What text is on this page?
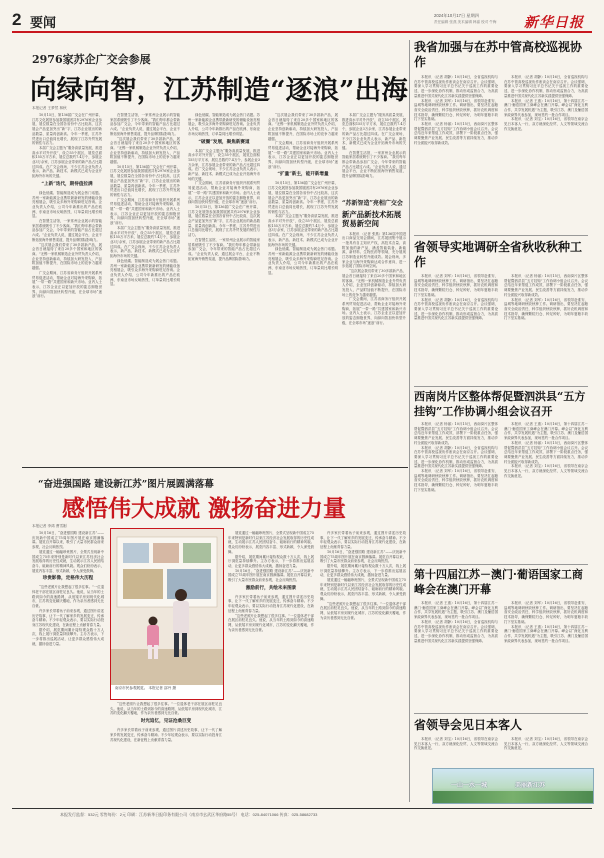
2 要闻
2024年10月17日 星期四
责任编辑 张燕 美术编辑 韩嘉 校对 牛梅 新华日报
2976家苏企广交会参展
向绿向智，江苏制造“逐浪”出海
本报记者 王梦然 林秋

10月15日，第136届广交会在广州开幕，江苏文化展馆参加我国展团共有2976家企业参展，展位数量在全国各省份中占比较高，这次展会产品更加突出“新”字，江苏企业展出的新品数量、质量再创新高。今年一季度，江苏外贸进出口总值同比增长，展现了江苏外贸发展的韧性与活力。

本届广交会主题为“服务高质量发展，推进高水平对外开放”，设立55个展区，展览总面积155万平方米，展位总数约7.4万个，参展企业3万余家，江苏参展企业带来的新产品占比超过四成。在广交会现场，不少江苏企业负责人表示，新产品、新技术、新模式已成为企业开拓海外市场的关键。

“上新”迭代，期待值拉满

绿色低碳、智能制造成为展会热门话题。苏州一家新能源企业携带最新研发的储能设备亮相展会，吸引众多海外采购商驻足咨询。企业负责人介绍，公司今年新推出的产品在欧洲、东南亚市场反响热烈，订单量同比增长明显。

在智慧生活馆，一家常州企业展示的智能家居系统吸引了不少客商。“我们每年都会带新品参加广交会，今年带来的智能产品占比超过六成。”企业负责人说，通过展会平台，企业不断拓宽海外销售渠道，提升品牌国际影响力。

“这次展会我们带来了30多款新产品，展会首日就接待了来自20多个国家和地区的客商。”无锡一家机械制造企业外贸负责人介绍，企业坚持创新驱动，持续加大研发投入，产品附加值不断提升，在国际市场上的竞争力越来越强。

广交会期间，江苏省商务厅组织开展系列贸易促进活动，帮助企业对接海外采购商，拓展“一带一路”共建国家和新兴市场。业内人士表示，江苏企业正以更加开放的姿态拥抱世界，向绿向智加快转型升级，在全球市场“逐浪”前行。

在智慧生活馆，一家常州企业展示的智能家居系统吸引了不少客商。“我们每年都会带新品参加广交会，今年带来的智能产品占比超过六成。”企业负责人说，通过展会平台，企业不断拓宽海外销售渠道，提升品牌国际影响力。

“这次展会我们带来了30多款新产品，展会首日就接待了来自20多个国家和地区的客商。”无锡一家机械制造企业外贸负责人介绍，企业坚持创新驱动，持续加大研发投入，产品附加值不断提升，在国际市场上的竞争力越来越强。

10月15日，第136届广交会在广州开幕，江苏文化展馆参加我国展团共有2976家企业参展，展位数量在全国各省份中占比较高，这次展会产品更加突出“新”字，江苏企业展出的新品数量、质量再创新高。今年一季度，江苏外贸进出口总值同比增长，展现了江苏外贸发展的韧性与活力。

广交会期间，江苏省商务厅组织开展系列贸易促进活动，帮助企业对接海外采购商，拓展“一带一路”共建国家和新兴市场。业内人士表示，江苏企业正以更加开放的姿态拥抱世界，向绿向智加快转型升级，在全球市场“逐浪”前行。

本届广交会主题为“服务高质量发展，推进高水平对外开放”，设立55个展区，展览总面积155万平方米，展位总数约7.4万个，参展企业3万余家，江苏参展企业带来的新产品占比超过四成。在广交会现场，不少江苏企业负责人表示，新产品、新技术、新模式已成为企业开拓海外市场的关键。

绿色低碳、智能制造成为展会热门话题。苏州一家新能源企业携带最新研发的储能设备亮相展会，吸引众多海外采购商驻足咨询。企业负责人介绍，公司今年新推出的产品在欧洲、东南亚市场反响热烈，订单量同比增长明显。

绿色低碳、智能制造成为展会热门话题。苏州一家新能源企业携带最新研发的储能设备亮相展会，吸引众多海外采购商驻足咨询。企业负责人介绍，公司今年新推出的产品在欧洲、东南亚市场反响热烈，订单量同比增长明显。

“破圈”发展，聚焦新赛道

本届广交会主题为“服务高质量发展，推进高水平对外开放”，设立55个展区，展览总面积155万平方米，展位总数约7.4万个，参展企业3万余家，江苏参展企业带来的新产品占比超过四成。在广交会现场，不少江苏企业负责人表示，新产品、新技术、新模式已成为企业开拓海外市场的关键。

广交会期间，江苏省商务厅组织开展系列贸易促进活动，帮助企业对接海外采购商，拓展“一带一路”共建国家和新兴市场。业内人士表示，江苏企业正以更加开放的姿态拥抱世界，向绿向智加快转型升级，在全球市场“逐浪”前行。

10月15日，第136届广交会在广州开幕，江苏文化展馆参加我国展团共有2976家企业参展，展位数量在全国各省份中占比较高，这次展会产品更加突出“新”字，江苏企业展出的新品数量、质量再创新高。今年一季度，江苏外贸进出口总值同比增长，展现了江苏外贸发展的韧性与活力。

在智慧生活馆，一家常州企业展示的智能家居系统吸引了不少客商。“我们每年都会带新品参加广交会，今年带来的智能产品占比超过六成。”企业负责人说，通过展会平台，企业不断拓宽海外销售渠道，提升品牌国际影响力。

“这次展会我们带来了30多款新产品，展会首日就接待了来自20多个国家和地区的客商。”无锡一家机械制造企业外贸负责人介绍，企业坚持创新驱动，持续加大研发投入，产品附加值不断提升，在国际市场上的竞争力越来越强。

广交会期间，江苏省商务厅组织开展系列贸易促进活动，帮助企业对接海外采购商，拓展“一带一路”共建国家和新兴市场。业内人士表示，江苏企业正以更加开放的姿态拥抱世界，向绿向智加快转型升级，在全球市场“逐浪”前行。

“扩量”新主，能开新增量

10月15日，第136届广交会在广州开幕，江苏文化展馆参加我国展团共有2976家企业参展，展位数量在全国各省份中占比较高，这次展会产品更加突出“新”字，江苏企业展出的新品数量、质量再创新高。今年一季度，江苏外贸进出口总值同比增长，展现了江苏外贸发展的韧性与活力。

本届广交会主题为“服务高质量发展，推进高水平对外开放”，设立55个展区，展览总面积155万平方米，展位总数约7.4万个，参展企业3万余家，江苏参展企业带来的新产品占比超过四成。在广交会现场，不少江苏企业负责人表示，新产品、新技术、新模式已成为企业开拓海外市场的关键。

绿色低碳、智能制造成为展会热门话题。苏州一家新能源企业携带最新研发的储能设备亮相展会，吸引众多海外采购商驻足咨询。企业负责人介绍，公司今年新推出的产品在欧洲、东南亚市场反响热烈，订单量同比增长明显。

“苏新智造”亮相广交会
新产品新技术拓展贸易新空间

本报讯 （记者 张燕）第136届中国进出口商品交易会期间，江苏展团集中展示一批具有自主知识产权、高技术含量、高附加值的新产品，涵盖智能装备、新能源、新材料、生物医药等领域，充分展现江苏制造业转型升级成效。展会现场，多家企业与海外采购商达成合作意向，进一步拓展了国际市场空间。

“这次展会我们带来了30多款新产品，展会首日就接待了来自20多个国家和地区的客商。”无锡一家机械制造企业外贸负责人介绍，企业坚持创新驱动，持续加大研发投入，产品附加值不断提升，在国际市场上的竞争力越来越强。

广交会期间，江苏省商务厅组织开展系列贸易促进活动，帮助企业对接海外采购商，拓展“一带一路”共建国家和新兴市场。业内人士表示，江苏企业正以更加开放的姿态拥抱世界，向绿向智加快转型升级，在全球市场“逐浪”前行。

本届广交会主题为“服务高质量发展，推进高水平对外开放”，设立55个展区，展览总面积155万平方米，展位总数约7.4万个，参展企业3万余家，江苏参展企业带来的新产品占比超过四成。在广交会现场，不少江苏企业负责人表示，新产品、新技术、新模式已成为企业开拓海外市场的关键。

在智慧生活馆，一家常州企业展示的智能家居系统吸引了不少客商。“我们每年都会带新品参加广交会，今年带来的智能产品占比超过六成。”企业负责人说，通过展会平台，企业不断拓宽海外销售渠道，提升品牌国际影响力。

我省加强与在苏中管高校巡视协作

本报讯 （记者 胡静）10月16日，全省巡视机构与在苏中管高校巡视协作座谈会在南京召开。会议强调，要深入学习贯彻习近平总书记关于巡视工作的重要论述，进一步深化协作机制，推动形成监督合力，为高质量推进中国式现代化江苏新实践提供坚强保障。

本报讯 （记者 刘军）10月16日，省领导赴淮安、盐城等地调研秋收秋种工作。调研指出，要坚决扛起粮食安全政治责任，科学组织秋收秋种，抓好农机调度和技术指导，确保颗粒归仓、种足种好，为明年夏粮丰收打下坚实基础。

本报讯 （记者 杨丽）10月15日，西南岗片区整体帮促暨泗洪县“五方挂钩”工作协调小组会议召开。会议总结近年来帮促工作成效，部署下一阶段重点任务，强调要聚焦产业发展、民生改善等方面持续发力，推动乡村全面振兴取得新成效。

本报讯 （记者 胡静）10月16日，全省巡视机构与在苏中管高校巡视协作座谈会在南京召开。会议强调，要深入学习贯彻习近平总书记关于巡视工作的重要论述，进一步深化协作机制，推动形成监督合力，为高质量推进中国式现代化江苏新实践提供坚强保障。

本报讯 （记者 王惠）10月16日，第十四届江苏－澳门·葡语国家工商峰会在澳门开幕。峰会以“深化互利合作，共享发展机遇”为主题，吸引江苏、澳门及葡语国家政商界代表参加，现场签约一批合作项目。

本报讯 （记者 刘宝）10月16日，省领导在南京会见日本客人一行，双方就深化经贸、人文等领域交流合作交换意见。

省领导实地调研全省秋收秋种工作

本报讯 （记者 刘军）10月16日，省领导赴淮安、盐城等地调研秋收秋种工作。调研指出，要坚决扛起粮食安全政治责任，科学组织秋收秋种，抓好农机调度和技术指导，确保颗粒归仓、种足种好，为明年夏粮丰收打下坚实基础。

本报讯 （记者 胡静）10月16日，全省巡视机构与在苏中管高校巡视协作座谈会在南京召开。会议强调，要深入学习贯彻习近平总书记关于巡视工作的重要论述，进一步深化协作机制，推动形成监督合力，为高质量推进中国式现代化江苏新实践提供坚强保障。

本报讯 （记者 杨丽）10月15日，西南岗片区整体帮促暨泗洪县“五方挂钩”工作协调小组会议召开。会议总结近年来帮促工作成效，部署下一阶段重点任务，强调要聚焦产业发展、民生改善等方面持续发力，推动乡村全面振兴取得新成效。

本报讯 （记者 刘军）10月16日，省领导赴淮安、盐城等地调研秋收秋种工作。调研指出，要坚决扛起粮食安全政治责任，科学组织秋收秋种，抓好农机调度和技术指导，确保颗粒归仓、种足种好，为明年夏粮丰收打下坚实基础。

西南岗片区整体帮促暨泗洪县“五方挂钩”工作协调小组会议召开

本报讯 （记者 杨丽）10月15日，西南岗片区整体帮促暨泗洪县“五方挂钩”工作协调小组会议召开。会议总结近年来帮促工作成效，部署下一阶段重点任务，强调要聚焦产业发展、民生改善等方面持续发力，推动乡村全面振兴取得新成效。

本报讯 （记者 胡静）10月16日，全省巡视机构与在苏中管高校巡视协作座谈会在南京召开。会议强调，要深入学习贯彻习近平总书记关于巡视工作的重要论述，进一步深化协作机制，推动形成监督合力，为高质量推进中国式现代化江苏新实践提供坚强保障。

本报讯 （记者 刘军）10月16日，省领导赴淮安、盐城等地调研秋收秋种工作。调研指出，要坚决扛起粮食安全政治责任，科学组织秋收秋种，抓好农机调度和技术指导，确保颗粒归仓、种足种好，为明年夏粮丰收打下坚实基础。

本报讯 （记者 王惠）10月16日，第十四届江苏－澳门·葡语国家工商峰会在澳门开幕。峰会以“深化互利合作，共享发展机遇”为主题，吸引江苏、澳门及葡语国家政商界代表参加，现场签约一批合作项目。

本报讯 （记者 杨丽）10月15日，西南岗片区整体帮促暨泗洪县“五方挂钩”工作协调小组会议召开。会议总结近年来帮促工作成效，部署下一阶段重点任务，强调要聚焦产业发展、民生改善等方面持续发力，推动乡村全面振兴取得新成效。

本报讯 （记者 刘宝）10月16日，省领导在南京会见日本客人一行，双方就深化经贸、人文等领域交流合作交换意见。

第十四届江苏－澳门·葡语国家工商峰会在澳门开幕

本报讯 （记者 王惠）10月16日，第十四届江苏－澳门·葡语国家工商峰会在澳门开幕。峰会以“深化互利合作，共享发展机遇”为主题，吸引江苏、澳门及葡语国家政商界代表参加，现场签约一批合作项目。

本报讯 （记者 胡静）10月16日，全省巡视机构与在苏中管高校巡视协作座谈会在南京召开。会议强调，要深入学习贯彻习近平总书记关于巡视工作的重要论述，进一步深化协作机制，推动形成监督合力，为高质量推进中国式现代化江苏新实践提供坚强保障。

本报讯 （记者 刘军）10月16日，省领导赴淮安、盐城等地调研秋收秋种工作。调研指出，要坚决扛起粮食安全政治责任，科学组织秋收秋种，抓好农机调度和技术指导，确保颗粒归仓、种足种好，为明年夏粮丰收打下坚实基础。

本报讯 （记者 王惠）10月16日，第十四届江苏－澳门·葡语国家工商峰会在澳门开幕。峰会以“深化互利合作，共享发展机遇”为主题，吸引江苏、澳门及葡语国家政商界代表参加，现场签约一批合作项目。

省领导会见日本客人

本报讯 （记者 刘宝）10月16日，省领导在南京会见日本客人一行，双方就深化经贸、人文等领域交流合作交换意见。

本报讯 （记者 刘宝）10月16日，省领导在南京会见日本客人一行，双方就深化经贸、人文等领域交流合作交换意见。

一山一水一城	美丽新江苏
“奋进强国路 建设新江苏”图片展圆满落幕
感悟伟大成就 激扬奋进力量
本报记者 李鸿 曹雪刚

10月16日，“奋进强国路 建设新江苏”——庆祝新中国成立75周年图片展在南京圆满落幕。展览自开幕以来，吸引了大量市民群众前来参观，社会反响热烈。

展览通过一幅幅珍贵图片，全景式呈现新中国成立75年来特别是新时代以来江苏经济社会发展取得的历史性成就，生动展示江苏人民团结奋斗、砥砺前行的精神风貌。观众们纷纷表示，展览内容丰富、形式新颖，令人深受鼓舞。

珍贵影像，定格伟大历程

“这些老照片让我想起了很多往事。”一位退休老干部在展区前驻足良久。他说，从当年的土路到如今的高速路网，从低矮平房到现代化城市，江苏的变化翻天覆地，作为亲历者感到无比自豪。

许多家长带着孩子前来参观，通过图片讲述历史故事，让下一代了解家乡的发展变迁，传承奋斗精神。不少年轻观众表示，要以实际行动投身江苏现代化建设，在新征程上贡献青春力量。

据介绍，展览期间累计接待观众数十万人次，线上展厅浏览量持续攀升。主办方表示，下一步将推出巡展活动，让更多群众感悟伟大成就，激扬奋进力量。

南京市民参观展览。 本报记者 邵丹 摄

“这些老照片让我想起了很多往事。”一位退休老干部在展区前驻足良久。他说，从当年的土路到如今的高速路网，从低矮平房到现代化城市，江苏的变化翻天覆地，作为亲历者感到无比自豪。

时光追忆，见证沧桑巨变

许多家长带着孩子前来参观，通过图片讲述历史故事，让下一代了解家乡的发展变迁，传承奋斗精神。不少年轻观众表示，要以实际行动投身江苏现代化建设，在新征程上贡献青春力量。

展览通过一幅幅珍贵图片，全景式呈现新中国成立75年来特别是新时代以来江苏经济社会发展取得的历史性成就，生动展示江苏人民团结奋斗、砥砺前行的精神风貌。观众们纷纷表示，展览内容丰富、形式新颖，令人深受鼓舞。

据介绍，展览期间累计接待观众数十万人次，线上展厅浏览量持续攀升。主办方表示，下一步将推出巡展活动，让更多群众感悟伟大成就，激扬奋进力量。

10月16日，“奋进强国路 建设新江苏”——庆祝新中国成立75周年图片展在南京圆满落幕。展览自开幕以来，吸引了大量市民群众前来参观，社会反响热烈。

激励前行，共绘未来图景

许多家长带着孩子前来参观，通过图片讲述历史故事，让下一代了解家乡的发展变迁，传承奋斗精神。不少年轻观众表示，要以实际行动投身江苏现代化建设，在新征程上贡献青春力量。

“这些老照片让我想起了很多往事。”一位退休老干部在展区前驻足良久。他说，从当年的土路到如今的高速路网，从低矮平房到现代化城市，江苏的变化翻天覆地，作为亲历者感到无比自豪。

许多家长带着孩子前来参观，通过图片讲述历史故事，让下一代了解家乡的发展变迁，传承奋斗精神。不少年轻观众表示，要以实际行动投身江苏现代化建设，在新征程上贡献青春力量。

10月16日，“奋进强国路 建设新江苏”——庆祝新中国成立75周年图片展在南京圆满落幕。展览自开幕以来，吸引了大量市民群众前来参观，社会反响热烈。

据介绍，展览期间累计接待观众数十万人次，线上展厅浏览量持续攀升。主办方表示，下一步将推出巡展活动，让更多群众感悟伟大成就，激扬奋进力量。

展览通过一幅幅珍贵图片，全景式呈现新中国成立75年来特别是新时代以来江苏经济社会发展取得的历史性成就，生动展示江苏人民团结奋斗、砥砺前行的精神风貌。观众们纷纷表示，展览内容丰富、形式新颖，令人深受鼓舞。

“这些老照片让我想起了很多往事。”一位退休老干部在展区前驻足良久。他说，从当年的土路到如今的高速路网，从低矮平房到现代化城市，江苏的变化翻天覆地，作为亲历者感到无比自豪。

本报发行监督：532元 零售每份：2元 印刷：江苏新华日报印务有限公司（南京市玄武区华府路55号） 电话：025-84071066 传真：025-58682733
